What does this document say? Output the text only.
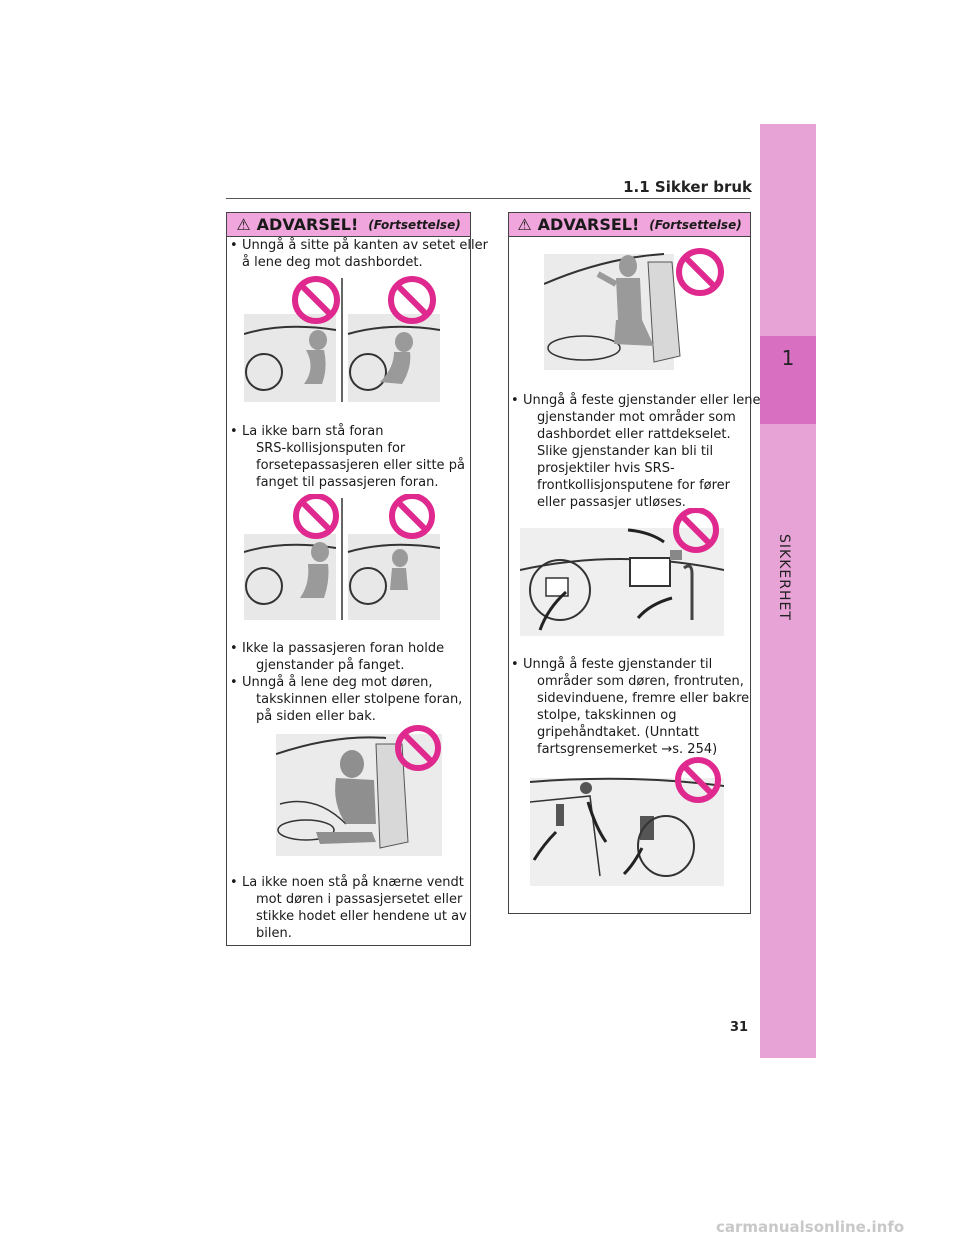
1
SIKKERHET
1.1 Sikker bruk
⚠ ADVARSEL! (Fortsettelse)
• Unngå å sitte på kanten av setet eller
å lene deg mot dashbordet.
• La ikke barn stå foran
SRS-kollisjonsputen for
forsetepassasjeren eller sitte på
fanget til passasjeren foran.
• Ikke la passasjeren foran holde
gjenstander på fanget.
• Unngå å lene deg mot døren,
takskinnen eller stolpene foran,
på siden eller bak.
• La ikke noen stå på knærne vendt
mot døren i passasjersetet eller
stikke hodet eller hendene ut av
bilen.
⚠ ADVARSEL! (Fortsettelse)
• Unngå å feste gjenstander eller lene
gjenstander mot områder som
dashbordet eller rattdekselet.
Slike gjenstander kan bli til
prosjektiler hvis SRS-
frontkollisjonsputene for fører
eller passasjer utløses.
• Unngå å feste gjenstander til
områder som døren, frontruten,
sidevinduene, fremre eller bakre
stolpe, takskinnen og
gripehåndtaket. (Unntatt
fartsgrensemerket →s. 254)
31
carmanualsonline.info
